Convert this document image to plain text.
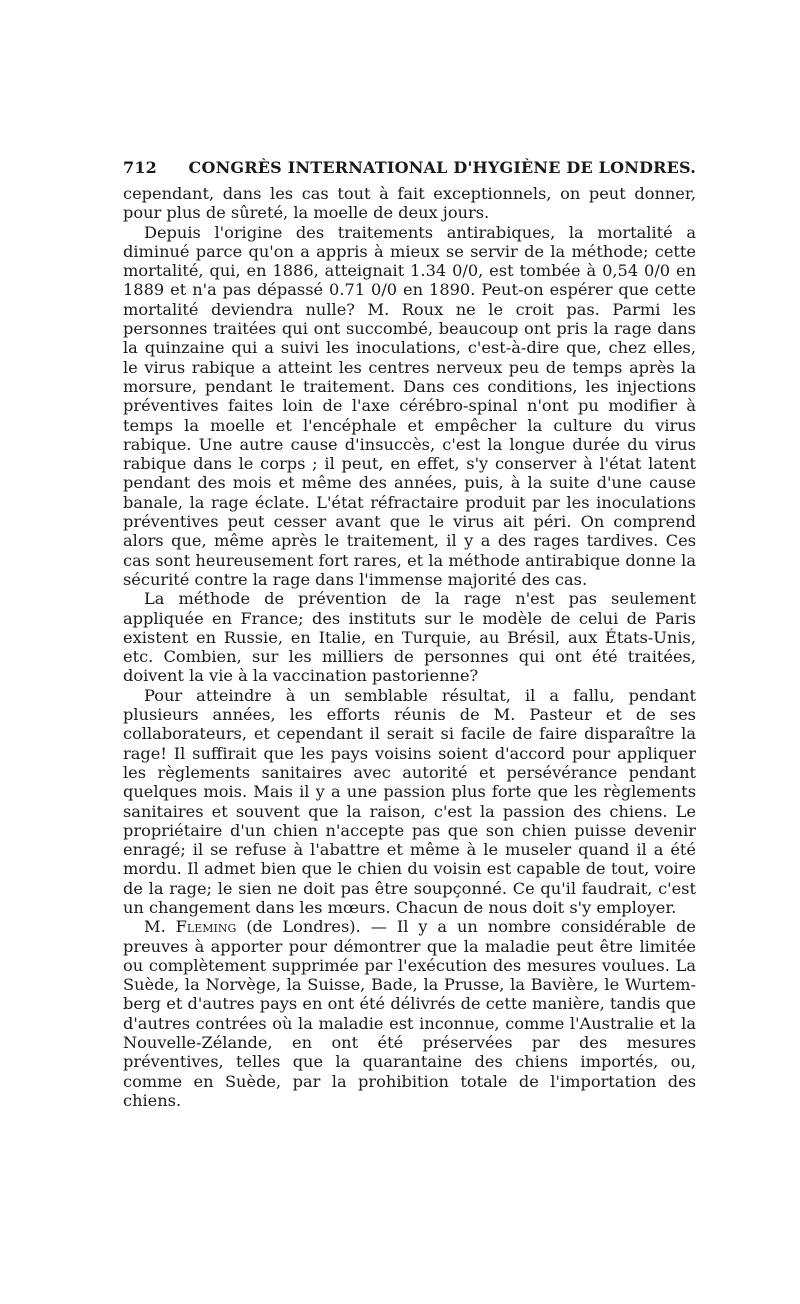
712	CONGRÈS INTERNATIONAL D'HYGIÈNE DE LONDRES.

cependant, dans les cas tout à fait exceptionnels, on peut donner, pour plus de sûreté, la moelle de deux jours.

Depuis l'origine des traitements antirabiques, la mortalité a diminué parce qu'on a appris à mieux se servir de la méthode; cette mortalité, qui, en 1886, atteignait 1.34 0/0, est tombée à 0,54 0/0 en 1889 et n'a pas dépassé 0.71 0/0 en 1890. Peut-on espérer que cette mortalité deviendra nulle? M. Roux ne le croit pas. Parmi les personnes traitées qui ont succombé, beaucoup ont pris la rage dans la quinzaine qui a suivi les inoculations, c'est-à-dire que, chez elles, le virus rabique a atteint les centres nerveux peu de temps après la morsure, pendant le traitement. Dans ces conditions, les injections préventives faites loin de l'axe cérébro-spinal n'ont pu modifier à temps la moelle et l'encéphale et empêcher la culture du virus rabique. Une autre cause d'insuccès, c'est la longue durée du virus rabique dans le corps ; il peut, en effet, s'y conserver à l'état latent pendant des mois et même des années, puis, à la suite d'une cause banale, la rage éclate. L'état réfractaire produit par les inoculations préventives peut cesser avant que le virus ait péri. On comprend alors que, même après le traitement, il y a des rages tardives. Ces cas sont heureusement fort rares, et la méthode antirabique donne la sécurité contre la rage dans l'immense majorité des cas.

La méthode de prévention de la rage n'est pas seulement appliquée en France; des instituts sur le modèle de celui de Paris existent en Russie, en Italie, en Turquie, au Brésil, aux États-Unis, etc. Combien, sur les milliers de personnes qui ont été traitées, doivent la vie à la vaccination pastorienne?

Pour atteindre à un semblable résultat, il a fallu, pendant plusieurs années, les efforts réunis de M. Pasteur et de ses collaborateurs, et cependant il serait si facile de faire disparaître la rage! Il suffirait que les pays voisins soient d'accord pour appliquer les règlements sanitaires avec autorité et persévérance pendant quelques mois. Mais il y a une passion plus forte que les règlements sanitaires et souvent que la raison, c'est la passion des chiens. Le propriétaire d'un chien n'accepte pas que son chien puisse devenir enragé; il se refuse à l'abattre et même à le museler quand il a été mordu. Il admet bien que le chien du voisin est capable de tout, voire de la rage; le sien ne doit pas être soupçonné. Ce qu'il faudrait, c'est un changement dans les mœurs. Chacun de nous doit s'y employer.

M. Fleming (de Londres). — Il y a un nombre considérable de preuves à apporter pour démontrer que la maladie peut être limitée ou complètement supprimée par l'exécution des mesures voulues. La Suède, la Norvège, la Suisse, Bade, la Prusse, la Bavière, le Wurtemberg et d'autres pays en ont été délivrés de cette manière, tandis que d'autres contrées où la maladie est inconnue, comme l'Australie et la Nouvelle-Zélande, en ont été préservées par des mesures préventives, telles que la quarantaine des chiens importés, ou, comme en Suède, par la prohibition totale de l'importation des chiens.
